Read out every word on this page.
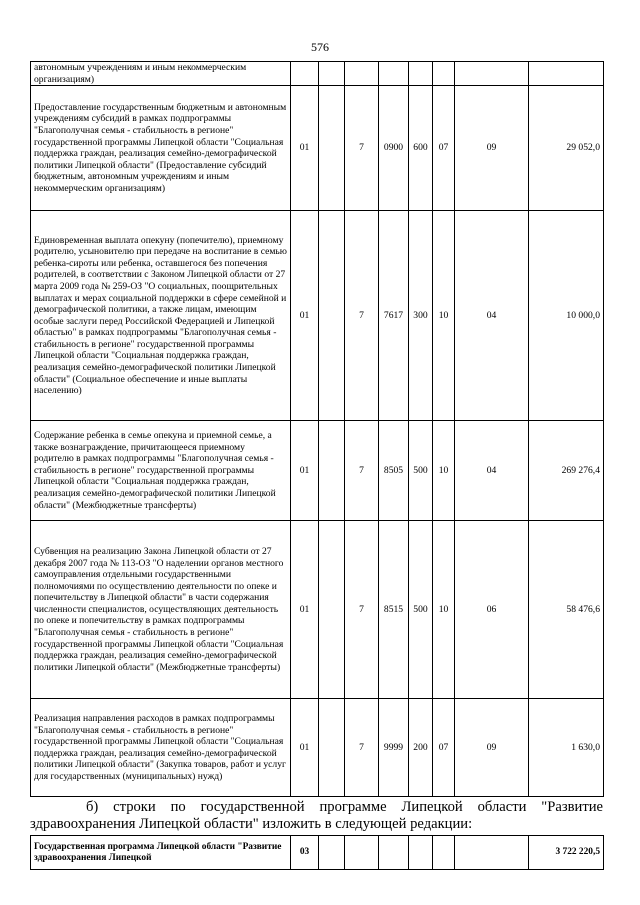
576
автономным учреждениям и иным некоммерческим организациям)									
Предоставление государственным бюджетным и автономным учреждениям субсидий в рамках подпрограммы "Благополучная семья - стабильность в регионе" государственной программы Липецкой области "Социальная поддержка граждан, реализация семейно-демографической политики Липецкой области" (Предоставление субсидий бюджетным, автономным учреждениям и иным некоммерческим организациям)	01		7	0900	600	07	09	29 052,0	
Единовременная выплата опекуну (попечителю), приемному родителю, усыновителю при передаче на воспитание в семью ребенка-сироты или ребенка, оставшегося без попечения родителей, в соответствии с Законом Липецкой области от 27 марта 2009 года № 259-ОЗ "О социальных, поощрительных выплатах и мерах социальной поддержки в сфере семейной и демографической политики, а также лицам, имеющим особые заслуги перед Российской Федерацией и Липецкой областью" в рамках подпрограммы "Благополучная семья - стабильность в регионе" государственной программы Липецкой области "Социальная поддержка граждан, реализация семейно-демографической политики Липецкой области" (Социальное обеспечение и иные выплаты населению)	01		7	7617	300	10	04	10 000,0	
Содержание ребенка в семье опекуна и приемной семье, а также вознаграждение, причитающееся приемному родителю в рамках подпрограммы "Благополучная семья - стабильность в регионе" государственной программы Липецкой области "Социальная поддержка граждан, реализация семейно-демографической политики Липецкой области" (Межбюджетные трансферты)	01		7	8505	500	10	04	269 276,4	
Субвенция на реализацию Закона Липецкой области от 27 декабря 2007 года № 113-ОЗ "О наделении органов местного самоуправления отдельными государственными полномочиями по осуществлению деятельности по опеке и попечительству в Липецкой области" в части содержания численности специалистов, осуществляющих деятельность по опеке и попечительству в рамках подпрограммы "Благополучная семья - стабильность в регионе" государственной программы Липецкой области "Социальная поддержка граждан, реализация семейно-демографической политики Липецкой области" (Межбюджетные трансферты)	01		7	8515	500	10	06	58 476,6	
Реализация направления расходов в рамках подпрограммы "Благополучная семья - стабильность в регионе" государственной программы Липецкой области "Социальная поддержка граждан, реализация семейно-демографической политики Липецкой области" (Закупка товаров, работ и услуг для государственных (муниципальных) нужд)	01		7	9999	200	07	09	1 630,0	
б) строки по государственной программе Липецкой области "Развитие
здравоохранения Липецкой области" изложить в следующей редакции:
Государственная программа Липецкой области "Развитие здравоохранения Липецкой	03							3 722 220,5	
